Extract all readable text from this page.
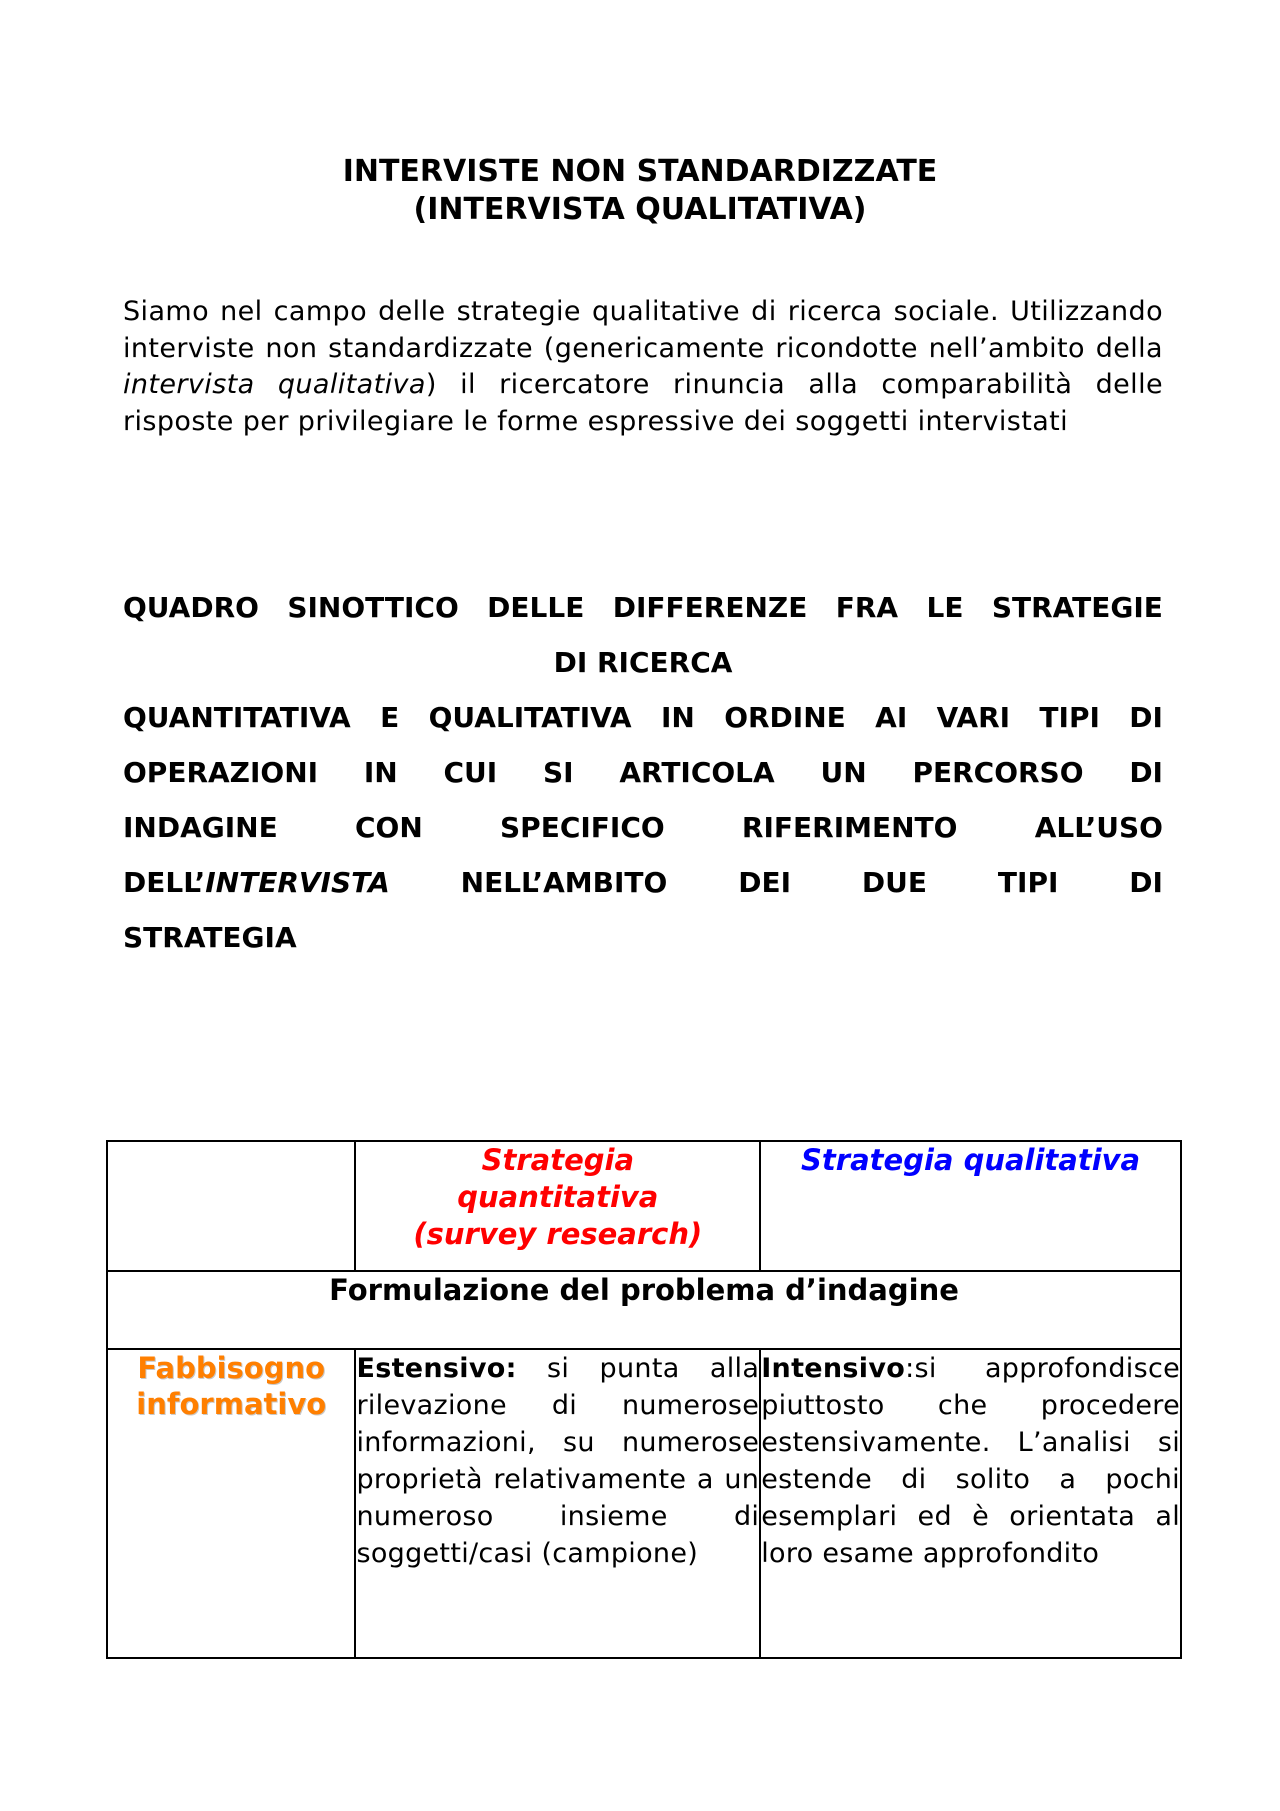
INTERVISTE NON STANDARDIZZATE
(INTERVISTA QUALITATIVA)
Siamo nel campo delle strategie qualitative di ricerca sociale. Utilizzando interviste non standardizzate (genericamente ricondotte nell’ambito della intervista qualitativa) il ricercatore rinuncia alla comparabilità delle risposte per privilegiare le forme espressive dei soggetti intervistati
QUADRO SINOTTICO DELLE DIFFERENZE FRA LE STRATEGIE
DI RICERCA
QUANTITATIVA E QUALITATIVA IN ORDINE AI VARI TIPI DI
OPERAZIONI IN CUI SI ARTICOLA UN PERCORSO DI
INDAGINE	CON	SPECIFICO	RIFERIMENTO	ALL’USO
DELL’INTERVISTA	NELL’AMBITO	DEI	DUE	TIPI	DI
STRATEGIA

	Strategia
quantitativa
(survey research)	Strategia qualitativa

Formulazione del problema d’indagine		

Fabbisogno
informativo	Estensivo: si punta alla rilevazione di numerose informazioni, su numerose proprietà relativamente a un numeroso insieme di soggetti/casi (campione)	Intensivo:si approfondisce piuttosto che procedere estensivamente. L’analisi si estende di solito a pochi esemplari ed è orientata al loro esame approfondito
